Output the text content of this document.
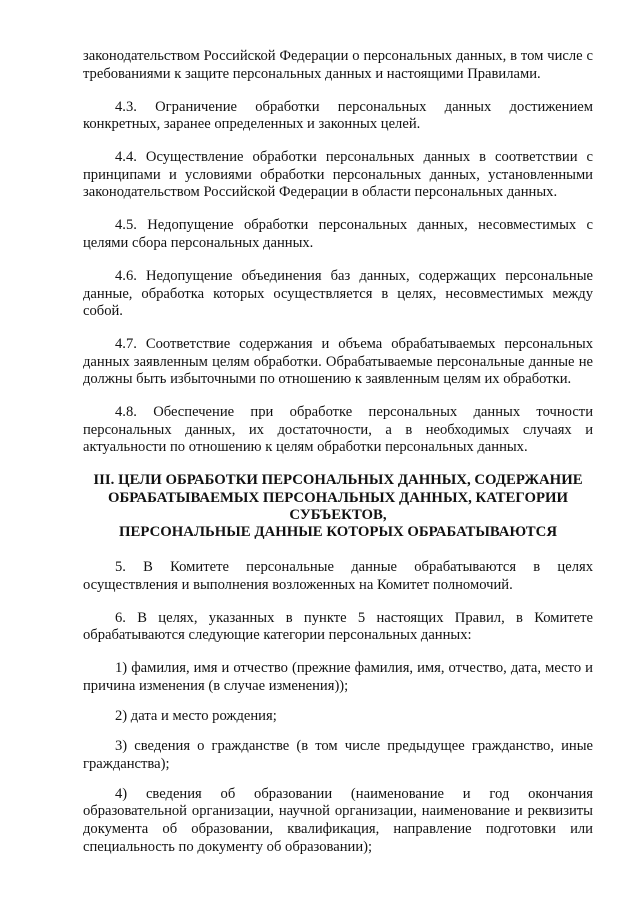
законодательством Российской Федерации о персональных данных, в том числе с требованиями к защите персональных данных и настоящими Правилами.

4.3. Ограничение обработки персональных данных достижением конкретных, заранее определенных и законных целей.

4.4. Осуществление обработки персональных данных в соответствии с принципами и условиями обработки персональных данных, установленными законодательством Российской Федерации в области персональных данных.

4.5. Недопущение обработки персональных данных, несовместимых с целями сбора персональных данных.

4.6. Недопущение объединения баз данных, содержащих персональные данные, обработка которых осуществляется в целях, несовместимых между собой.

4.7. Соответствие содержания и объема обрабатываемых персональных данных заявленным целям обработки. Обрабатываемые персональные данные не должны быть избыточными по отношению к заявленным целям их обработки.

4.8. Обеспечение при обработке персональных данных точности персональных данных, их достаточности, а в необходимых случаях и актуальности по отношению к целям обработки персональных данных.

III. ЦЕЛИ ОБРАБОТКИ ПЕРСОНАЛЬНЫХ ДАННЫХ, СОДЕРЖАНИЕ ОБРАБАТЫВАЕМЫХ ПЕРСОНАЛЬНЫХ ДАННЫХ, КАТЕГОРИИ СУБЪЕКТОВ,
ПЕРСОНАЛЬНЫЕ ДАННЫЕ КОТОРЫХ ОБРАБАТЫВАЮТСЯ

5. В Комитете персональные данные обрабатываются в целях осуществления и выполнения возложенных на Комитет полномочий.

6. В целях, указанных в пункте 5 настоящих Правил, в Комитете обрабатываются следующие категории персональных данных:

1) фамилия, имя и отчество (прежние фамилия, имя, отчество, дата, место и причина изменения (в случае изменения));

2) дата и место рождения;

3) сведения о гражданстве (в том числе предыдущее гражданство, иные гражданства);

4) сведения об образовании (наименование и год окончания образовательной организации, научной организации, наименование и реквизиты документа об образовании, квалификация, направление подготовки или специальность по документу об образовании);
